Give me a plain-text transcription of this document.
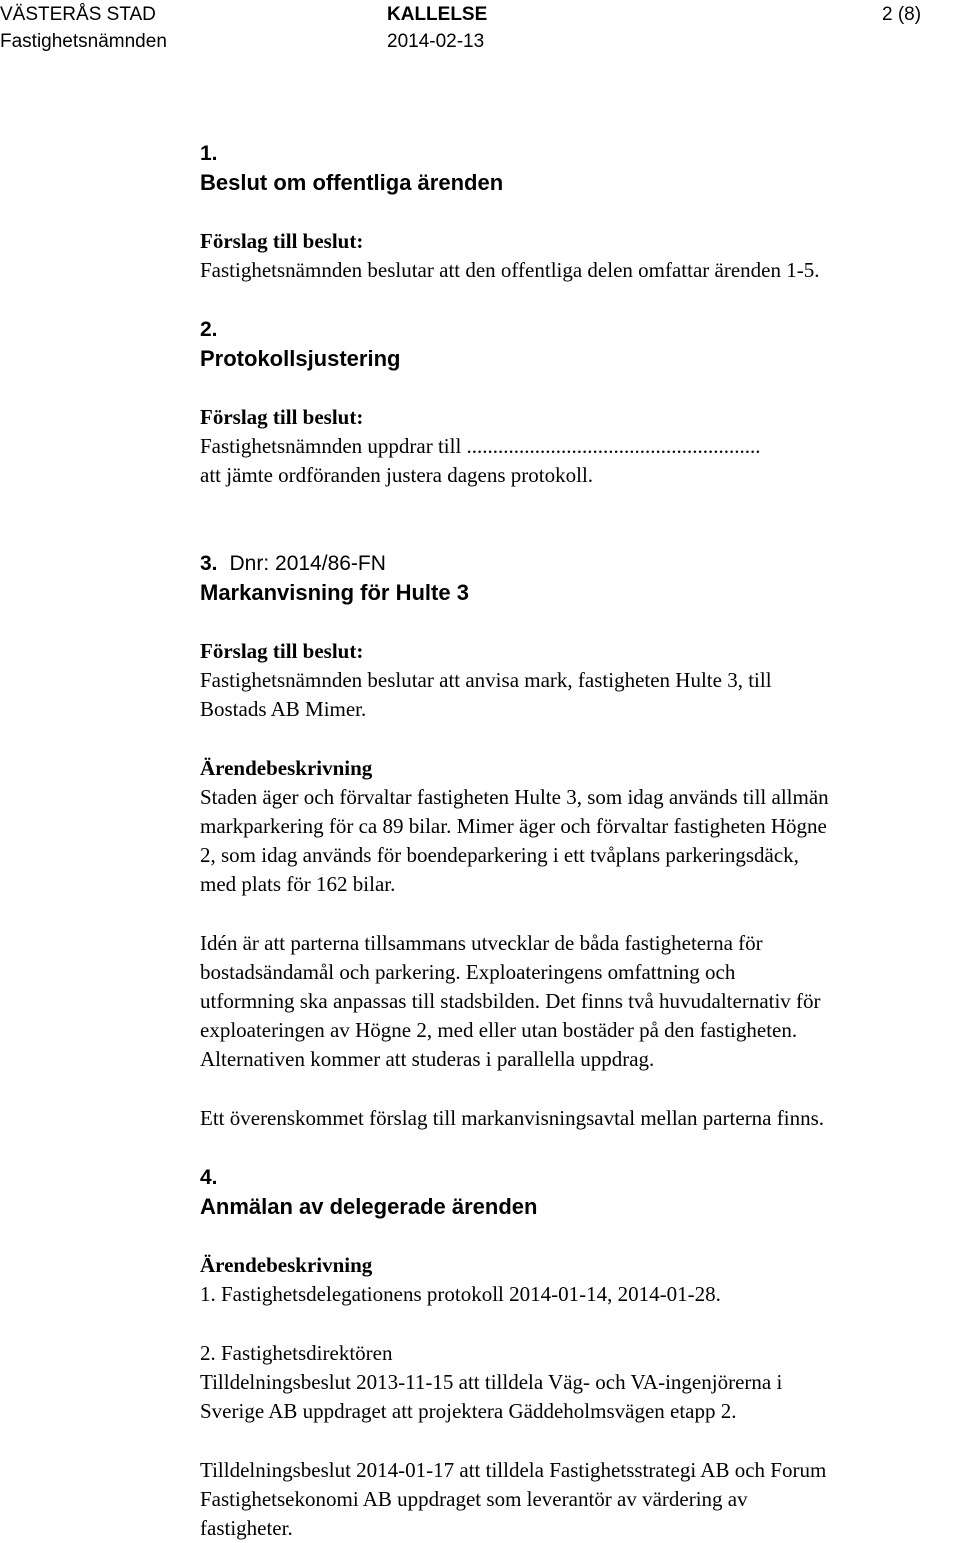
VÄSTERÅS STAD
Fastighetsnämnden
KALLELSE
2014-02-13
2 (8)
1.
Beslut om offentliga ärenden
Förslag till beslut:
Fastighetsnämnden beslutar att den offentliga delen omfattar ärenden 1-5.
2.
Protokollsjustering
Förslag till beslut:
Fastighetsnämnden uppdrar till ........................................................
att jämte ordföranden justera dagens protokoll.
3. Dnr: 2014/86-FN
Markanvisning för Hulte 3
Förslag till beslut:
Fastighetsnämnden beslutar att anvisa mark, fastigheten Hulte 3, till
Bostads AB Mimer.
Ärendebeskrivning
Staden äger och förvaltar fastigheten Hulte 3, som idag används till allmän
markparkering för ca 89 bilar. Mimer äger och förvaltar fastigheten Högne
2, som idag används för boendeparkering i ett tvåplans parkeringsdäck,
med plats för 162 bilar.
Idén är att parterna tillsammans utvecklar de båda fastigheterna för
bostadsändamål och parkering. Exploateringens omfattning och
utformning ska anpassas till stadsbilden. Det finns två huvudalternativ för
exploateringen av Högne 2, med eller utan bostäder på den fastigheten.
Alternativen kommer att studeras i parallella uppdrag.
Ett överenskommet förslag till markanvisningsavtal mellan parterna finns.
4.
Anmälan av delegerade ärenden
Ärendebeskrivning
1. Fastighetsdelegationens protokoll 2014-01-14, 2014-01-28.
2. Fastighetsdirektören
Tilldelningsbeslut 2013-11-15 att tilldela Väg- och VA-ingenjörerna i
Sverige AB uppdraget att projektera Gäddeholmsvägen etapp 2.
Tilldelningsbeslut 2014-01-17 att tilldela Fastighetsstrategi AB och Forum
Fastighetsekonomi AB uppdraget som leverantör av värdering av
fastigheter.
